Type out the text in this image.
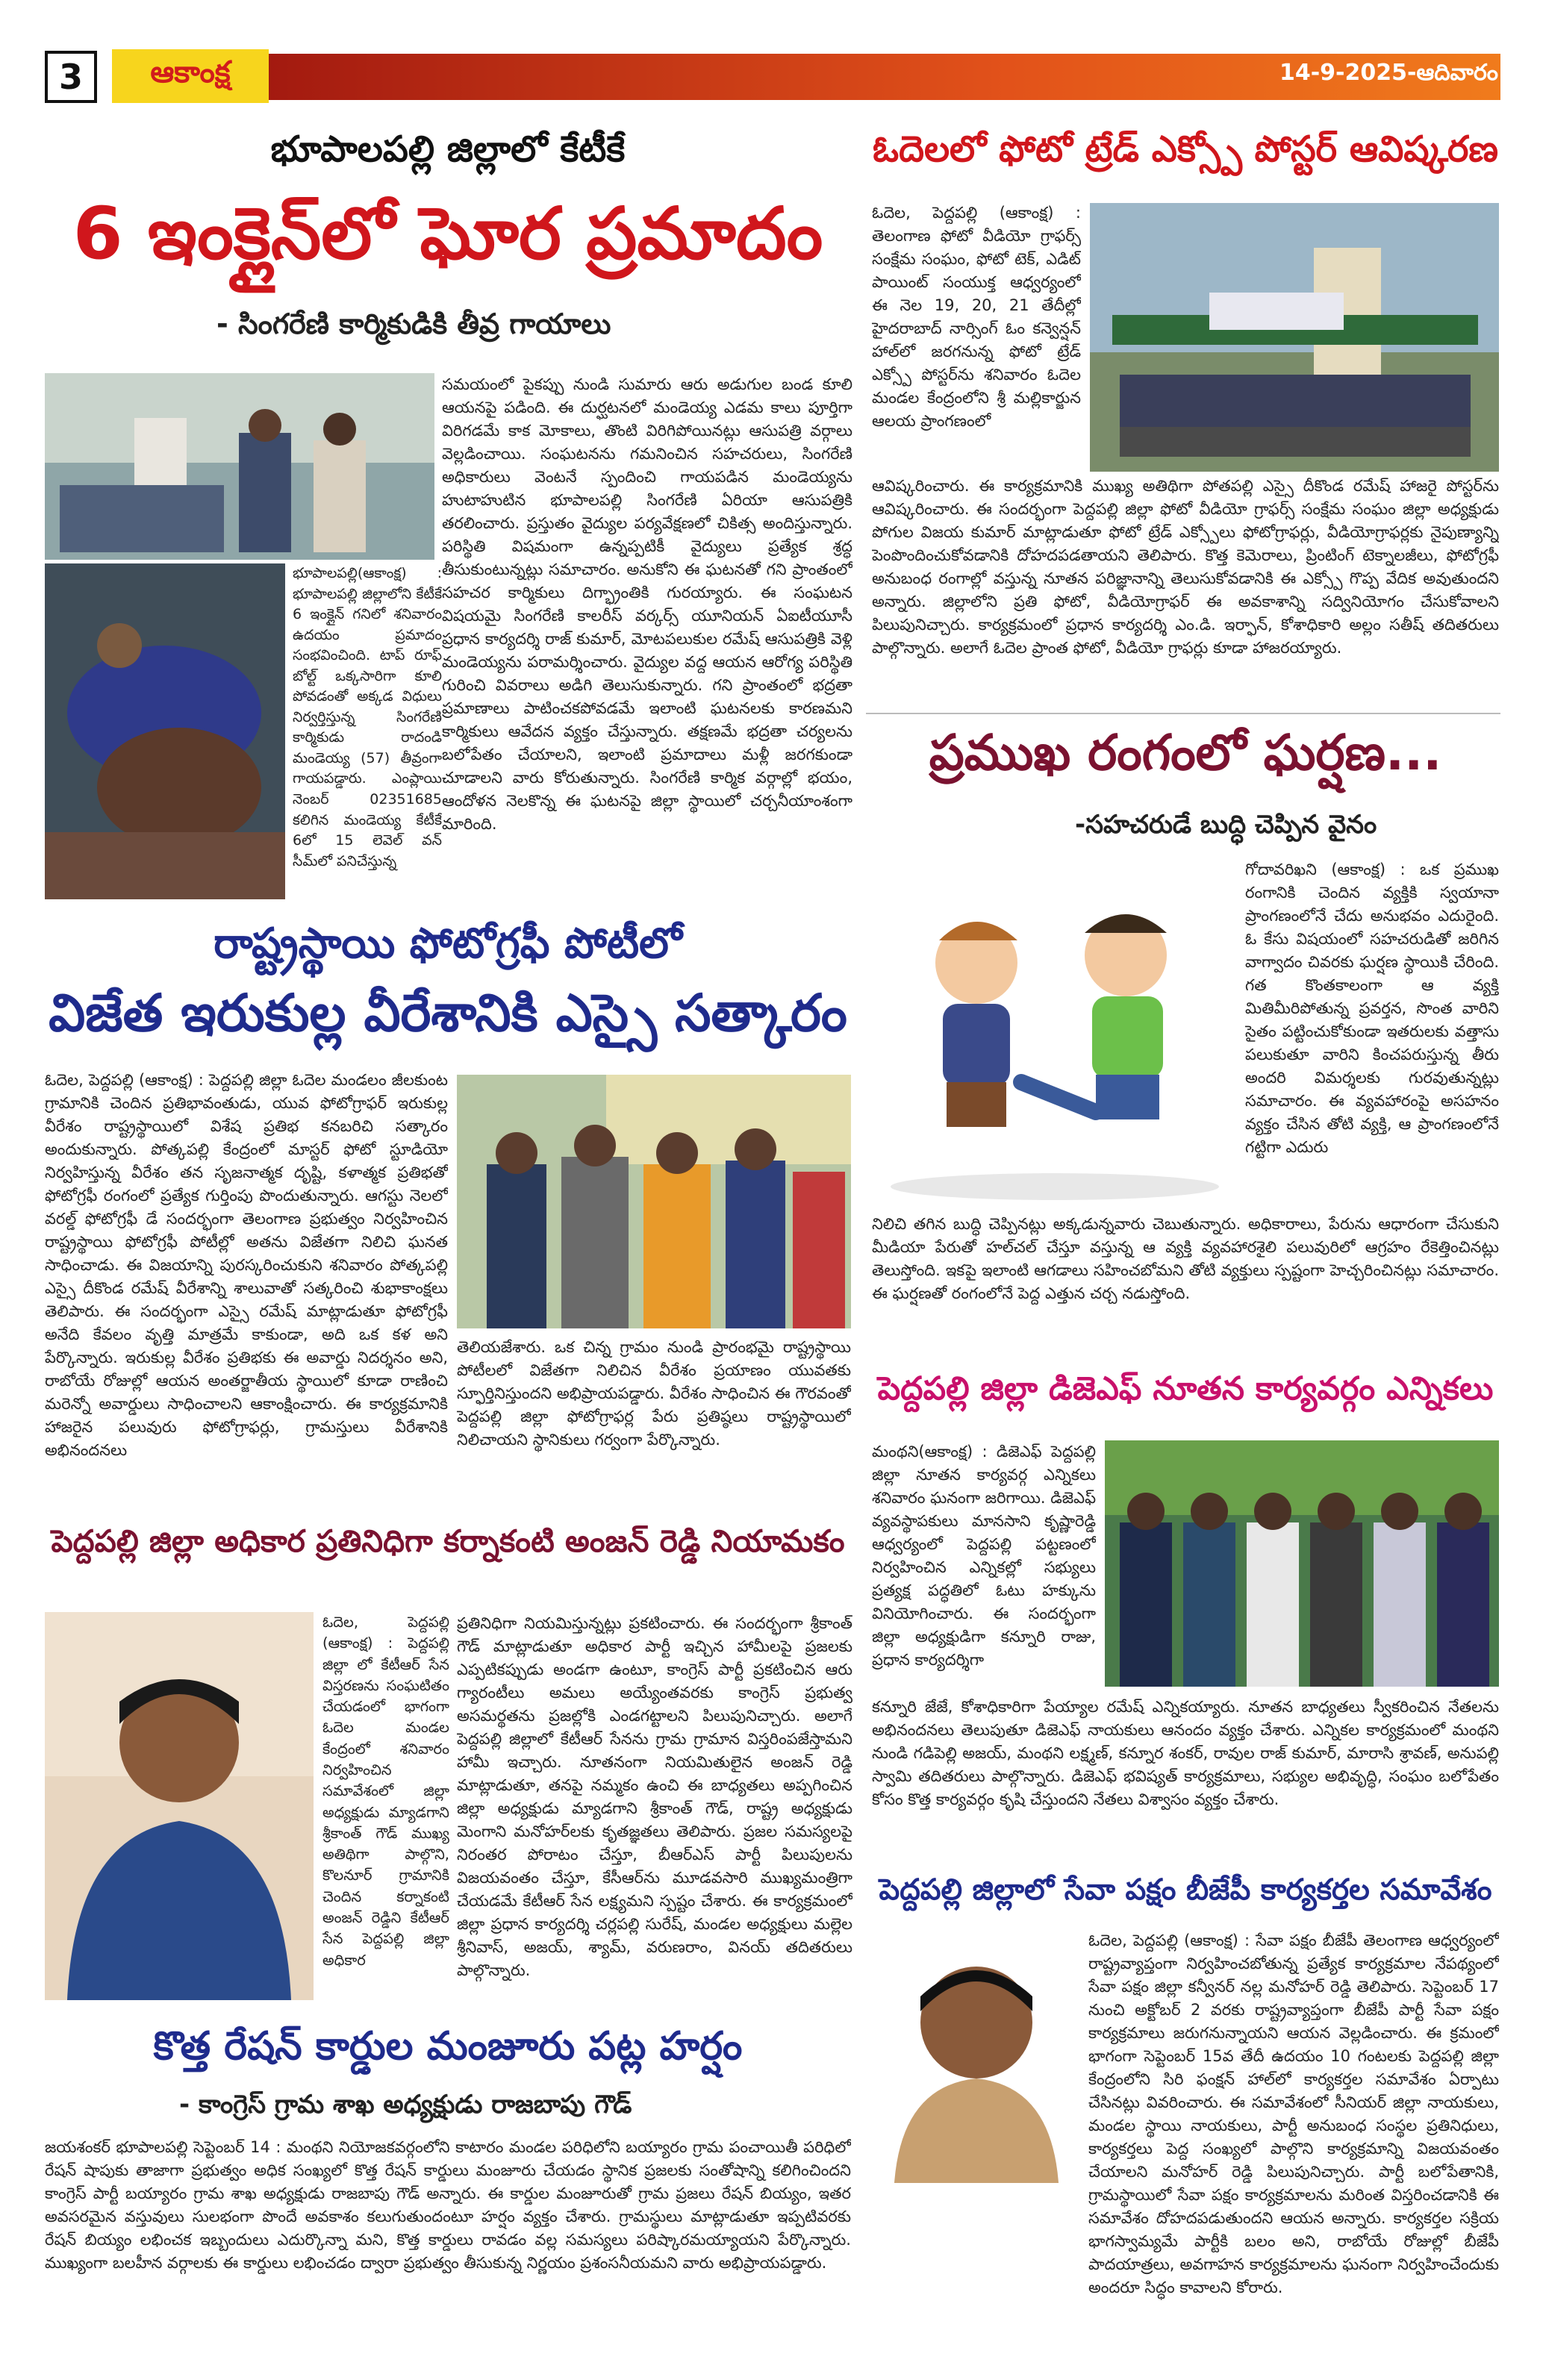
3	ఆకాంక్ష	14-9-2025-ఆదివారం
భూపాలపల్లి జిల్లాలో కేటీకే
6 ఇంక్లైన్‌లో ఘోర ప్రమాదం
- సింగరేణి కార్మికుడికి తీవ్ర గాయాలు
భూపాలపల్లి(ఆకాంక్ష) : భూపాలపల్లి జిల్లాలోని కేటీకే 6 ఇంక్లైన్ గనిలో శనివారం ఉదయం ప్రమాదం సంభవించింది. టాప్ రూఫ్ బోల్ట్ ఒక్కసారిగా కూలి పోవడంతో అక్కడ విధులు నిర్వర్తిస్తున్న సింగరేణి కార్మికుడు రాదండి మండెయ్య (57) తీవ్రంగా గాయపడ్డారు. ఎంప్లాయి నెంబర్ 02351685 కలిగిన మండెయ్య కేటీకే 6లో 15 లెవెల్ వన్ సీమ్‌లో పనిచేస్తున్న
సమయంలో పైకప్పు నుండి సుమారు ఆరు అడుగుల బండ కూలి ఆయనపై పడింది. ఈ దుర్ఘటనలో మండెయ్య ఎడమ కాలు పూర్తిగా విరిగడమే కాక మోకాలు, తొంటి విరిగిపోయినట్లు ఆసుపత్రి వర్గాలు వెల్లడించాయి. సంఘటనను గమనించిన సహచరులు, సింగరేణి అధికారులు వెంటనే స్పందించి గాయపడిన మండెయ్యను హుటాహుటిన భూపాలపల్లి సింగరేణి ఏరియా ఆసుపత్రికి తరలించారు. ప్రస్తుతం వైద్యుల పర్యవేక్షణలో చికిత్స అందిస్తున్నారు. పరిస్థితి విషమంగా ఉన్నప్పటికీ వైద్యులు ప్రత్యేక శ్రద్ధ తీసుకుంటున్నట్లు సమాచారం. అనుకోని ఈ ఘటనతో గని ప్రాంతంలో సహచర కార్మికులు దిగ్భ్రాంతికి గురయ్యారు. ఈ సంఘటన విషయమై సింగరేణి కాలరీస్ వర్కర్స్ యూనియన్ ఏఐటీయూసీ ప్రధాన కార్యదర్శి రాజ్ కుమార్, మోటపలుకుల రమేష్ ఆసుపత్రికి వెళ్లి మండెయ్యను పరామర్శించారు. వైద్యుల వద్ద ఆయన ఆరోగ్య పరిస్థితి గురించి వివరాలు అడిగి తెలుసుకున్నారు. గని ప్రాంతంలో భద్రతా ప్రమాణాలు పాటించకపోవడమే ఇలాంటి ఘటనలకు కారణమని కార్మికులు ఆవేదన వ్యక్తం చేస్తున్నారు. తక్షణమే భద్రతా చర్యలను బలోపేతం చేయాలని, ఇలాంటి ప్రమాదాలు మళ్లీ జరగకుండా చూడాలని వారు కోరుతున్నారు. సింగరేణి కార్మిక వర్గాల్లో భయం, ఆందోళన నెలకొన్న ఈ ఘటనపై జిల్లా స్థాయిలో చర్చనీయాంశంగా మారింది.
ఓదెలలో ఫోటో ట్రేడ్ ఎక్స్పో పోస్టర్ ఆవిష్కరణ
ఓదెల, పెద్దపల్లి (ఆకాంక్ష) : తెలంగాణ ఫోటో వీడియో గ్రాఫర్స్ సంక్షేమ సంఘం, ఫోటో టెక్, ఎడిట్ పాయింట్ సంయుక్త ఆధ్వర్యంలో ఈ నెల 19, 20, 21 తేదీల్లో హైదరాబాద్ నార్సింగ్ ఓం కన్వెన్షన్ హాల్‌లో జరగనున్న ఫోటో ట్రేడ్ ఎక్స్పో పోస్టర్‌ను శనివారం ఓదెల మండల కేంద్రంలోని శ్రీ మల్లికార్జున ఆలయ ప్రాంగణంలో
ఆవిష్కరించారు. ఈ కార్యక్రమానికి ముఖ్య అతిథిగా పోతపల్లి ఎస్సై దీకొండ రమేష్ హాజరై పోస్టర్‌ను ఆవిష్కరించారు. ఈ సందర్భంగా పెద్దపల్లి జిల్లా ఫోటో వీడియో గ్రాఫర్స్ సంక్షేమ సంఘం జిల్లా అధ్యక్షుడు పోగుల విజయ కుమార్ మాట్లాడుతూ ఫోటో ట్రేడ్ ఎక్స్పోలు ఫోటోగ్రాఫర్లు, వీడియోగ్రాఫర్లకు నైపుణ్యాన్ని పెంపొందించుకోవడానికి దోహదపడతాయని తెలిపారు. కొత్త కెమెరాలు, ప్రింటింగ్ టెక్నాలజీలు, ఫోటోగ్రఫీ అనుబంధ రంగాల్లో వస్తున్న నూతన పరిజ్ఞానాన్ని తెలుసుకోవడానికి ఈ ఎక్స్పో గొప్ప వేదిక అవుతుందని అన్నారు. జిల్లాలోని ప్రతి ఫోటో, వీడియోగ్రాఫర్ ఈ అవకాశాన్ని సద్వినియోగం చేసుకోవాలని పిలుపునిచ్చారు. కార్యక్రమంలో ప్రధాన కార్యదర్శి ఎం.డి. ఇర్ఫాన్, కోశాధికారి అల్లం సతీష్ తదితరులు పాల్గొన్నారు. అలాగే ఓదెల ప్రాంత ఫోటో, వీడియో గ్రాఫర్లు కూడా హాజరయ్యారు.
ప్రముఖ రంగంలో ఘర్షణ...
-సహచరుడే బుద్ధి చెప్పిన వైనం
గోదావరిఖని (ఆకాంక్ష) : ఒక ప్రముఖ రంగానికి చెందిన వ్యక్తికి స్వయానా ప్రాంగణంలోనే చేదు అనుభవం ఎదురైంది. ఓ కేసు విషయంలో సహచరుడితో జరిగిన వాగ్వాదం చివరకు ఘర్షణ స్థాయికి చేరింది. గత కొంతకాలంగా ఆ వ్యక్తి మితిమీరిపోతున్న ప్రవర్తన, సొంత వారిని సైతం పట్టించుకోకుండా ఇతరులకు వత్తాసు పలుకుతూ వారిని కించపరుస్తున్న తీరు అందరి విమర్శలకు గురవుతున్నట్లు సమాచారం. ఈ వ్యవహారంపై అసహనం వ్యక్తం చేసిన తోటి వ్యక్తి, ఆ ప్రాంగణంలోనే గట్టిగా ఎదురు
నిలిచి తగిన బుద్ధి చెప్పినట్లు అక్కడున్నవారు చెబుతున్నారు. అధికారాలు, పేరును ఆధారంగా చేసుకుని మీడియా పేరుతో హల్‌చల్ చేస్తూ వస్తున్న ఆ వ్యక్తి వ్యవహారశైలి పలువురిలో ఆగ్రహం రేకెత్తించినట్లు తెలుస్తోంది. ఇకపై ఇలాంటి ఆగడాలు సహించబోమని తోటి వ్యక్తులు స్పష్టంగా హెచ్చరించినట్లు సమాచారం. ఈ ఘర్షణతో రంగంలోనే పెద్ద ఎత్తున చర్చ నడుస్తోంది.
రాష్ట్రస్థాయి ఫోటోగ్రఫీ పోటీలో
విజేత ఇరుకుల్ల వీరేశానికి ఎస్సై సత్కారం
ఓదెల, పెద్దపల్లి (ఆకాంక్ష) : పెద్దపల్లి జిల్లా ఓదెల మండలం జీలకుంట గ్రామానికి చెందిన ప్రతిభావంతుడు, యువ ఫోటోగ్రాఫర్ ఇరుకుల్ల వీరేశం రాష్ట్రస్థాయిలో విశేష ప్రతిభ కనబరిచి సత్కారం అందుకున్నారు. పోత్కపల్లి కేంద్రంలో మాస్టర్ ఫోటో స్టూడియో నిర్వహిస్తున్న వీరేశం తన సృజనాత్మక దృష్టి, కళాత్మక ప్రతిభతో ఫోటోగ్రఫీ రంగంలో ప్రత్యేక గుర్తింపు పొందుతున్నారు. ఆగస్టు నెలలో వరల్డ్ ఫోటోగ్రఫీ డే సందర్భంగా తెలంగాణ ప్రభుత్వం నిర్వహించిన రాష్ట్రస్థాయి ఫోటోగ్రఫీ పోటీల్లో అతను విజేతగా నిలిచి ఘనత సాధించాడు. ఈ విజయాన్ని పురస్కరించుకుని శనివారం పోత్కపల్లి ఎస్సై దీకొండ రమేష్ వీరేశాన్ని శాలువాతో సత్కరించి శుభాకాంక్షలు తెలిపారు. ఈ సందర్భంగా ఎస్సై రమేష్ మాట్లాడుతూ ఫోటోగ్రఫీ అనేది కేవలం వృత్తి మాత్రమే కాకుండా, అది ఒక కళ అని పేర్కొన్నారు. ఇరుకుల్ల వీరేశం ప్రతిభకు ఈ అవార్డు నిదర్శనం అని, రాబోయే రోజుల్లో ఆయన అంతర్జాతీయ స్థాయిలో కూడా రాణించి మరెన్నో అవార్డులు సాధించాలని ఆకాంక్షించారు. ఈ కార్యక్రమానికి హాజరైన పలువురు ఫోటోగ్రాఫర్లు, గ్రామస్తులు వీరేశానికి అభినందనలు
తెలియజేశారు. ఒక చిన్న గ్రామం నుండి ప్రారంభమై రాష్ట్రస్థాయి పోటీలలో విజేతగా నిలిచిన వీరేశం ప్రయాణం యువతకు స్ఫూర్తినిస్తుందని అభిప్రాయపడ్డారు. వీరేశం సాధించిన ఈ గౌరవంతో పెద్దపల్లి జిల్లా ఫోటోగ్రాఫర్ల పేరు ప్రతిష్ఠలు రాష్ట్రస్థాయిలో నిలిచాయని స్థానికులు గర్వంగా పేర్కొన్నారు.
పెద్దపల్లి జిల్లా డిజెఎఫ్ నూతన కార్యవర్గం ఎన్నికలు
మంథని(ఆకాంక్ష) : డిజెఎఫ్ పెద్దపల్లి జిల్లా నూతన కార్యవర్గ ఎన్నికలు శనివారం ఘనంగా జరిగాయి. డిజెఎఫ్ వ్యవస్థాపకులు మానసాని కృష్ణారెడ్డి ఆధ్వర్యంలో పెద్దపల్లి పట్టణంలో నిర్వహించిన ఎన్నికల్లో సభ్యులు ప్రత్యక్ష పద్ధతిలో ఓటు హక్కును వినియోగించారు. ఈ సందర్భంగా జిల్లా అధ్యక్షుడిగా కన్నూరి రాజు, ప్రధాన కార్యదర్శిగా
కన్నూరి జేజే, కోశాధికారిగా పేయ్యాల రమేష్ ఎన్నికయ్యారు. నూతన బాధ్యతలు స్వీకరించిన నేతలను అభినందనలు తెలుపుతూ డిజెఎఫ్ నాయకులు ఆనందం వ్యక్తం చేశారు. ఎన్నికల కార్యక్రమంలో మంథని నుండి గడిపెల్లి అజయ్, మంథని లక్ష్మణ్, కన్నూర శంకర్, రావుల రాజ్ కుమార్, మారాసి శ్రావణ్, అనుపల్లి స్వామి తదితరులు పాల్గొన్నారు. డిజెఎఫ్ భవిష్యత్ కార్యక్రమాలు, సభ్యుల అభివృద్ధి, సంఘం బలోపేతం కోసం కొత్త కార్యవర్గం కృషి చేస్తుందని నేతలు విశ్వాసం వ్యక్తం చేశారు.
పెద్దపల్లి జిల్లా అధికార ప్రతినిధిగా కర్నాకంటి అంజన్ రెడ్డి నియామకం
ఓదెల, పెద్దపల్లి (ఆకాంక్ష) : పెద్దపల్లి జిల్లా లో కేటీఆర్ సేన విస్తరణను సంఘటితం చేయడంలో భాగంగా ఓదెల మండల కేంద్రంలో శనివారం నిర్వహించిన సమావేశంలో జిల్లా అధ్యక్షుడు మ్యాడగాని శ్రీకాంత్ గౌడ్ ముఖ్య అతిథిగా పాల్గొని, కొలనూర్ గ్రామానికి చెందిన కర్నాకంటి అంజన్ రెడ్డిని కేటీఆర్ సేన పెద్దపల్లి జిల్లా అధికార
ప్రతినిధిగా నియమిస్తున్నట్లు ప్రకటించారు. ఈ సందర్భంగా శ్రీకాంత్ గౌడ్ మాట్లాడుతూ అధికార పార్టీ ఇచ్చిన హామీలపై ప్రజలకు ఎప్పటికప్పుడు అండగా ఉంటూ, కాంగ్రెస్ పార్టీ ప్రకటించిన ఆరు గ్యారంటీలు అమలు అయ్యేంతవరకు కాంగ్రెస్ ప్రభుత్వ అసమర్థతను ప్రజల్లోకి ఎండగట్టాలని పిలుపునిచ్చారు. అలాగే పెద్దపల్లి జిల్లాలో కేటీఆర్ సేనను గ్రామ గ్రామాన విస్తరింపజేస్తామని హామీ ఇచ్చారు. నూతనంగా నియమితులైన అంజన్ రెడ్డి మాట్లాడుతూ, తనపై నమ్మకం ఉంచి ఈ బాధ్యతలు అప్పగించిన జిల్లా అధ్యక్షుడు మ్యాడగాని శ్రీకాంత్ గౌడ్, రాష్ట్ర అధ్యక్షుడు మెంగాని మనోహర్‌లకు కృతజ్ఞతలు తెలిపారు. ప్రజల సమస్యలపై నిరంతర పోరాటం చేస్తూ, బీఆర్ఎస్ పార్టీ పిలుపులను విజయవంతం చేస్తూ, కేసీఆర్‌ను మూడవసారి ముఖ్యమంత్రిగా చేయడమే కేటీఆర్ సేన లక్ష్యమని స్పష్టం చేశారు. ఈ కార్యక్రమంలో జిల్లా ప్రధాన కార్యదర్శి చర్లపల్లి సురేష్, మండల అధ్యక్షులు మల్లెల శ్రీనివాస్, అజయ్, శ్యామ్, వరుణరాం, వినయ్ తదితరులు పాల్గొన్నారు.
పెద్దపల్లి జిల్లాలో సేవా పక్షం బీజేపీ కార్యకర్తల సమావేశం
ఓదెల, పెద్దపల్లి (ఆకాంక్ష) : సేవా పక్షం బీజేపీ తెలంగాణ ఆధ్వర్యంలో రాష్ట్రవ్యాప్తంగా నిర్వహించబోతున్న ప్రత్యేక కార్యక్రమాల నేపథ్యంలో సేవా పక్షం జిల్లా కన్వీనర్ నల్ల మనోహర్ రెడ్డి తెలిపారు. సెప్టెంబర్ 17 నుంచి అక్టోబర్ 2 వరకు రాష్ట్రవ్యాప్తంగా బీజేపీ పార్టీ సేవా పక్షం కార్యక్రమాలు జరుగనున్నాయని ఆయన వెల్లడించారు. ఈ క్రమంలో భాగంగా సెప్టెంబర్ 15వ తేదీ ఉదయం 10 గంటలకు పెద్దపల్లి జిల్లా కేంద్రంలోని సిరి ఫంక్షన్ హాల్‌లో కార్యకర్తల సమావేశం ఏర్పాటు చేసినట్లు వివరించారు. ఈ సమావేశంలో సీనియర్ జిల్లా నాయకులు, మండల స్థాయి నాయకులు, పార్టీ అనుబంధ సంస్థల ప్రతినిధులు, కార్యకర్తలు పెద్ద సంఖ్యలో పాల్గొని కార్యక్రమాన్ని విజయవంతం చేయాలని మనోహర్ రెడ్డి పిలుపునిచ్చారు. పార్టీ బలోపేతానికి, గ్రామస్థాయిలో సేవా పక్షం కార్యక్రమాలను మరింత విస్తరించడానికి ఈ సమావేశం దోహదపడుతుందని ఆయన అన్నారు. కార్యకర్తల సక్రియ భాగస్వామ్యమే పార్టీకి బలం అని, రాబోయే రోజుల్లో బీజేపీ పాదయాత్రలు, అవగాహన కార్యక్రమాలను ఘనంగా నిర్వహించేందుకు అందరూ సిద్ధం కావాలని కోరారు.
కొత్త రేషన్ కార్డుల మంజూరు పట్ల హర్షం
- కాంగ్రెస్ గ్రామ శాఖ అధ్యక్షుడు రాజబాపు గౌడ్
జయశంకర్ భూపాలపల్లి సెప్టెంబర్ 14 : మంథని నియోజకవర్గంలోని కాటారం మండల పరిధిలోని బయ్యారం గ్రామ పంచాయితీ పరిధిలో రేషన్ షాపుకు తాజాగా ప్రభుత్వం అధిక సంఖ్యలో కొత్త రేషన్ కార్డులు మంజూరు చేయడం స్థానిక ప్రజలకు సంతోషాన్ని కలిగించిందని కాంగ్రెస్ పార్టీ బయ్యారం గ్రామ శాఖ అధ్యక్షుడు రాజబాపు గౌడ్ అన్నారు. ఈ కార్డుల మంజూరుతో గ్రామ ప్రజలు రేషన్ బియ్యం, ఇతర అవసరమైన వస్తువులు సులభంగా పొందే అవకాశం కలుగుతుందంటూ హర్షం వ్యక్తం చేశారు. గ్రామస్థులు మాట్లాడుతూ ఇప్పటివరకు రేషన్ బియ్యం లభించక ఇబ్బందులు ఎదుర్కొన్నా మని, కొత్త కార్డులు రావడం వల్ల సమస్యలు పరిష్కారమయ్యాయని పేర్కొన్నారు. ముఖ్యంగా బలహీన వర్గాలకు ఈ కార్డులు లభించడం ద్వారా ప్రభుత్వం తీసుకున్న నిర్ణయం ప్రశంసనీయమని వారు అభిప్రాయపడ్డారు.
